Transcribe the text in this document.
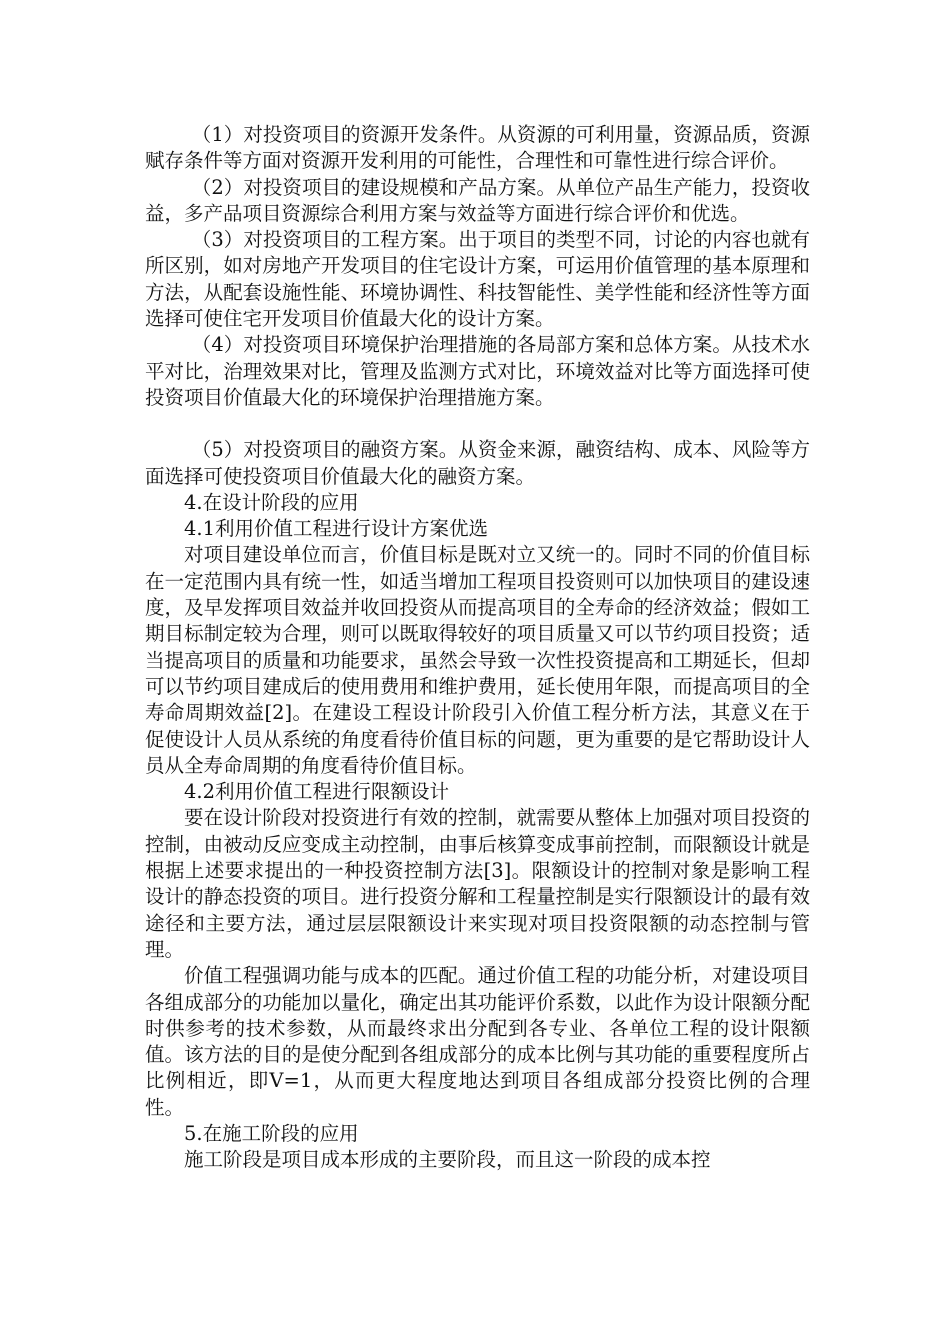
（1）对投资项目的资源开发条件。从资源的可利用量，资源品质，资源赋存条件等方面对资源开发利用的可能性，合理性和可靠性进行综合评价。

（2）对投资项目的建设规模和产品方案。从单位产品生产能力，投资收益，多产品项目资源综合利用方案与效益等方面进行综合评价和优选。

（3）对投资项目的工程方案。出于项目的类型不同，讨论的内容也就有所区别，如对房地产开发项目的住宅设计方案，可运用价值管理的基本原理和方法，从配套设施性能、环境协调性、科技智能性、美学性能和经济性等方面选择可使住宅开发项目价值最大化的设计方案。

（4）对投资项目环境保护治理措施的各局部方案和总体方案。从技术水平对比，治理效果对比，管理及监测方式对比，环境效益对比等方面选择可使投资项目价值最大化的环境保护治理措施方案。

（5）对投资项目的融资方案。从资金来源，融资结构、成本、风险等方面选择可使投资项目价值最大化的融资方案。

4.在设计阶段的应用

4.1利用价值工程进行设计方案优选

对项目建设单位而言，价值目标是既对立又统一的。同时不同的价值目标在一定范围内具有统一性，如适当增加工程项目投资则可以加快项目的建设速度，及早发挥项目效益并收回投资从而提高项目的全寿命的经济效益；假如工期目标制定较为合理，则可以既取得较好的项目质量又可以节约项目投资；适当提高项目的质量和功能要求，虽然会导致一次性投资提高和工期延长，但却可以节约项目建成后的使用费用和维护费用，延长使用年限，而提高项目的全寿命周期效益[2]。在建设工程设计阶段引入价值工程分析方法，其意义在于促使设计人员从系统的角度看待价值目标的问题，更为重要的是它帮助设计人员从全寿命周期的角度看待价值目标。

4.2利用价值工程进行限额设计

要在设计阶段对投资进行有效的控制，就需要从整体上加强对项目投资的控制，由被动反应变成主动控制，由事后核算变成事前控制，而限额设计就是根据上述要求提出的一种投资控制方法[3]。限额设计的控制对象是影响工程设计的静态投资的项目。进行投资分解和工程量控制是实行限额设计的最有效途径和主要方法，通过层层限额设计来实现对项目投资限额的动态控制与管理。

价值工程强调功能与成本的匹配。通过价值工程的功能分析，对建设项目各组成部分的功能加以量化，确定出其功能评价系数，以此作为设计限额分配时供参考的技术参数，从而最终求出分配到各专业、各单位工程的设计限额值。该方法的目的是使分配到各组成部分的成本比例与其功能的重要程度所占比例相近，即V=1，从而更大程度地达到项目各组成部分投资比例的合理性。

5.在施工阶段的应用

施工阶段是项目成本形成的主要阶段，而且这一阶段的成本控
